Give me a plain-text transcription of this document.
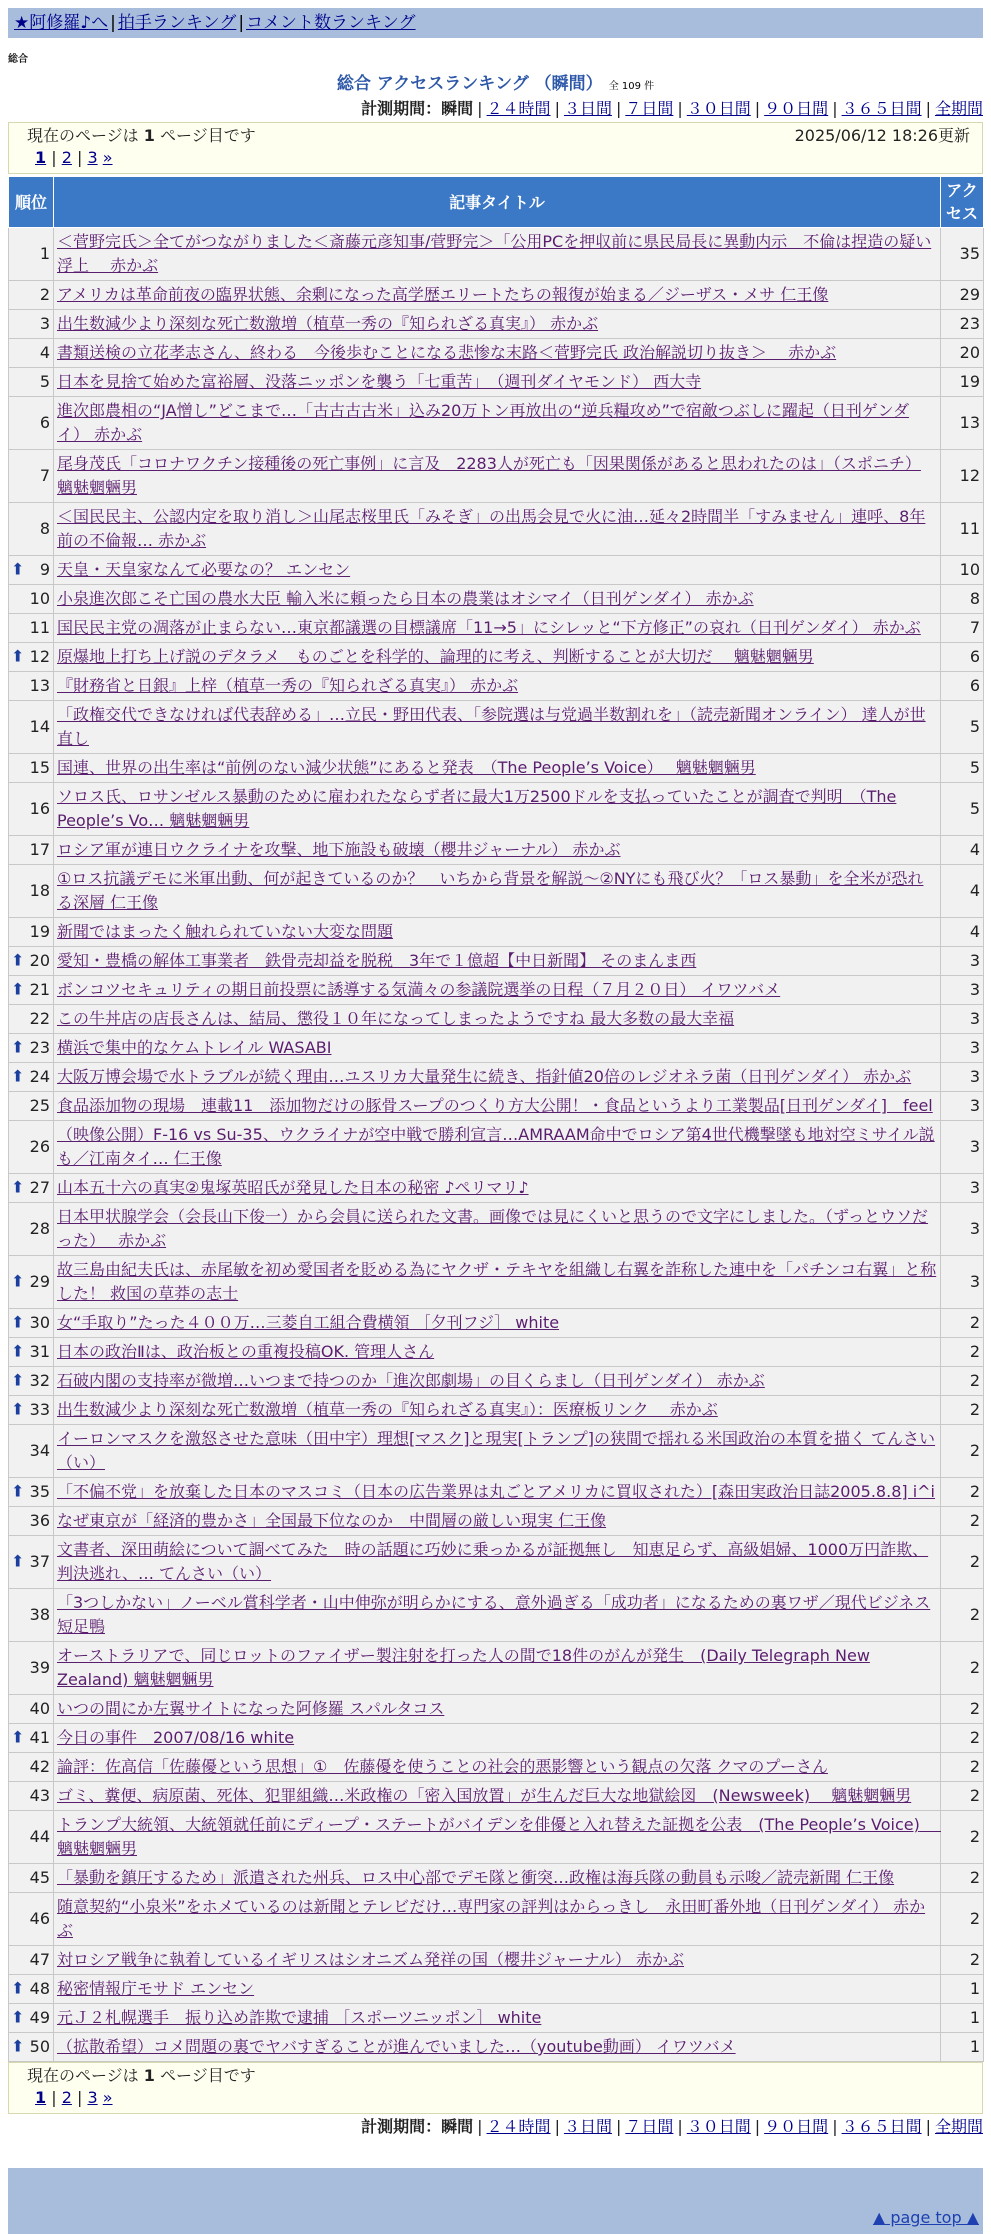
★阿修羅♪へ | 拍手ランキング | コメント数ランキング
総合
総合 アクセスランキング （瞬間） 全 109 件
計測期間：瞬間 | ２４時間 | ３日間 | ７日間 | ３０日間 | ９０日間 | ３６５日間 | 全期間
現在のページは 1 ページ目です	2025/06/12 18:26更新
1 | 2 | 3 »
順位	記事タイトル	アクセス
1	＜菅野完氏＞全てがつながりました＜斎藤元彦知事/菅野完＞「公用PCを押収前に県民局長に異動内示　不倫は捏造の疑い浮上　 赤かぶ	35
2	アメリカは革命前夜の臨界状態、余剰になった高学歴エリートたちの報復が始まる／ジーザス・メサ 仁王像	29
3	出生数減少より深刻な死亡数激増（植草一秀の『知られざる真実』） 赤かぶ	23
4	書類送検の立花孝志さん、終わる　今後歩むことになる悲惨な末路＜菅野完氏 政治解説切り抜き＞　 赤かぶ	20
5	日本を見捨て始めた富裕層、没落ニッポンを襲う「七重苦」　（週刊ダイヤモンド） 西大寺	19
6	進次郎農相の“JA憎し”どこまで…「古古古古米」込み20万トン再放出の“逆兵糧攻め”で宿敵つぶしに躍起（日刊ゲンダイ） 赤かぶ	13
7	尾身茂氏「コロナワクチン接種後の死亡事例」に言及　2283人が死亡も「因果関係があると思われたのは」（スポニチ） 魑魅魍魎男	12
8	＜国民民主、公認内定を取り消し＞山尾志桜里氏「みそぎ」の出馬会見で火に油…延々2時間半「すみません」連呼、8年前の不倫報… 赤かぶ	11

⬆ 9	天皇・天皇家なんて必要なの？ エンセン	10
10	小泉進次郎こそ亡国の農水大臣 輸入米に頼ったら日本の農業はオシマイ（日刊ゲンダイ） 赤かぶ	8
11	国民民主党の凋落が止まらない…東京都議選の目標議席「11→5」にシレッと“下方修正”の哀れ（日刊ゲンダイ） 赤かぶ	7

⬆ 12	原爆地上打ち上げ説のデタラメ　ものごとを科学的、論理的に考え、判断することが大切だ　 魑魅魍魎男	6
13	『財務省と日銀』上梓（植草一秀の『知られざる真実』） 赤かぶ	6
14	「政権交代できなければ代表辞める」…立民・野田代表、「参院選は与党過半数割れを」（読売新聞オンライン） 達人が世直し	5
15	国連、世界の出生率は“前例のない減少状態”にあると発表　（The People’s Voice）　 魑魅魍魎男	5
16	ソロス氏、ロサンゼルス暴動のために雇われたならず者に最大1万2500ドルを支払っていたことが調査で判明　（The People’s Vo… 魑魅魍魎男	5
17	ロシア軍が連日ウクライナを攻撃、地下施設も破壊（櫻井ジャーナル） 赤かぶ	4
18	①ロス抗議デモに米軍出動、何が起きているのか？　いちから背景を解説〜②NYにも飛び火？「ロス暴動」を全米が恐れる深層 仁王像	4
19	新聞ではまったく触れられていない大変な問題	4

⬆ 20	愛知・豊橋の解体工事業者　鉄骨売却益を脱税　3年で１億超【中日新聞】 そのまんま西	3

⬆ 21	ボンコツセキュリティの期日前投票に誘導する気満々の参議院選挙の日程（７月２０日） イワツバメ	3
22	この牛丼店の店長さんは、結局、懲役１０年になってしまったようですね 最大多数の最大幸福	3

⬆ 23	横浜で集中的なケムトレイル WASABI	3

⬆ 24	大阪万博会場で水トラブルが続く理由…ユスリカ大量発生に続き、指針値20倍のレジオネラ菌（日刊ゲンダイ） 赤かぶ	3
25	食品添加物の現場　連載11　添加物だけの豚骨スープのつくり方大公開！・食品というより工業製品[日刊ゲンダイ]　feel	3
26	（映像公開）F-16 vs Su-35、ウクライナが空中戦で勝利宣言…AMRAAM命中でロシア第4世代機撃墜も地対空ミサイル説も／江南タイ… 仁王像	3

⬆ 27	山本五十六の真実②鬼塚英昭氏が発見した日本の秘密 ♪ペリマリ♪	3
28	日本甲状腺学会（会長山下俊一）から会員に送られた文書。画像では見にくいと思うので文字にしました。（ずっとウソだった）　 赤かぶ	3

⬆ 29	故三島由紀夫氏は、赤尾敏を初め愛国者を貶める為にヤクザ・テキヤを組織し右翼を詐称した連中を「パチンコ右翼」と称した！ 救国の草莽の志士	3

⬆ 30	女“手取り”たった４００万…三菱自工組合費横領 ［夕刊フジ］ white	2

⬆ 31	日本の政治Ⅱは、政治板との重複投稿OK. 管理人さん	2

⬆ 32	石破内閣の支持率が微増…いつまで持つのか「進次郎劇場」の目くらまし（日刊ゲンダイ） 赤かぶ	2

⬆ 33	出生数減少より深刻な死亡数激増（植草一秀の『知られざる真実』）：医療板リンク　 赤かぶ	2
34	イーロンマスクを激怒させた意味（田中宇）理想[マスク]と現実[トランプ]の狭間で揺れる米国政治の本質を描く てんさい（い）	2

⬆ 35	「不偏不党」を放棄した日本のマスコミ（日本の広告業界は丸ごとアメリカに買収された）[森田実政治日誌2005.8.8] i^i	2
36	なぜ東京が「経済的豊かさ」全国最下位なのか　中間層の厳しい現実 仁王像	2

⬆ 37	文書者、深田萌絵について調べてみた　時の話題に巧妙に乗っかるが証拠無し　知恵足らず、高級娼婦、1000万円詐欺、判決逃れ、… てんさい（い）	2
38	「3つしかない」ノーベル賞科学者・山中伸弥が明らかにする、意外過ぎる「成功者」になるための裏ワザ／現代ビジネス 短足鴨	2
39	オーストラリアで、同じロットのファイザー製注射を打った人の間で18件のがんが発生　(Daily Telegraph New Zealand) 魑魅魍魎男	2
40	いつの間にか左翼サイトになった阿修羅 スパルタコス	2

⬆ 41	今日の事件　2007/08/16 white	2
42	論評：佐高信「佐藤優という思想」①　佐藤優を使うことの社会的悪影響という観点の欠落 クマのプーさん	2
43	ゴミ、糞便、病原菌、死体、犯罪組織…米政権の「密入国放置」が生んだ巨大な地獄絵図　(Newsweek)　 魑魅魍魎男	2
44	トランプ大統領、大統領就任前にディープ・ステートがバイデンを俳優と入れ替えた証拠を公表　(The People’s Voice)　 魑魅魍魎男	2
45	「暴動を鎮圧するため」派遣された州兵、ロス中心部でデモ隊と衝突…政権は海兵隊の動員も示唆／読売新聞 仁王像	2
46	随意契約“小泉米”をホメているのは新聞とテレビだけ…専門家の評判はからっきし　永田町番外地（日刊ゲンダイ） 赤かぶ	2
47	対ロシア戦争に執着しているイギリスはシオニズム発祥の国（櫻井ジャーナル） 赤かぶ	2

⬆ 48	秘密情報庁モサド エンセン	1

⬆ 49	元Ｊ２札幌選手　振り込め詐欺で逮捕 ［スポーツニッポン］ white	1

⬆ 50	（拡散希望）コメ問題の裏でヤバすぎることが進んでいました…（youtube動画） イワツバメ	1
現在のページは 1 ページ目です
1 | 2 | 3 »
計測期間：瞬間 | ２４時間 | ３日間 | ７日間 | ３０日間 | ９０日間 | ３６５日間 | 全期間
▲ page top ▲
